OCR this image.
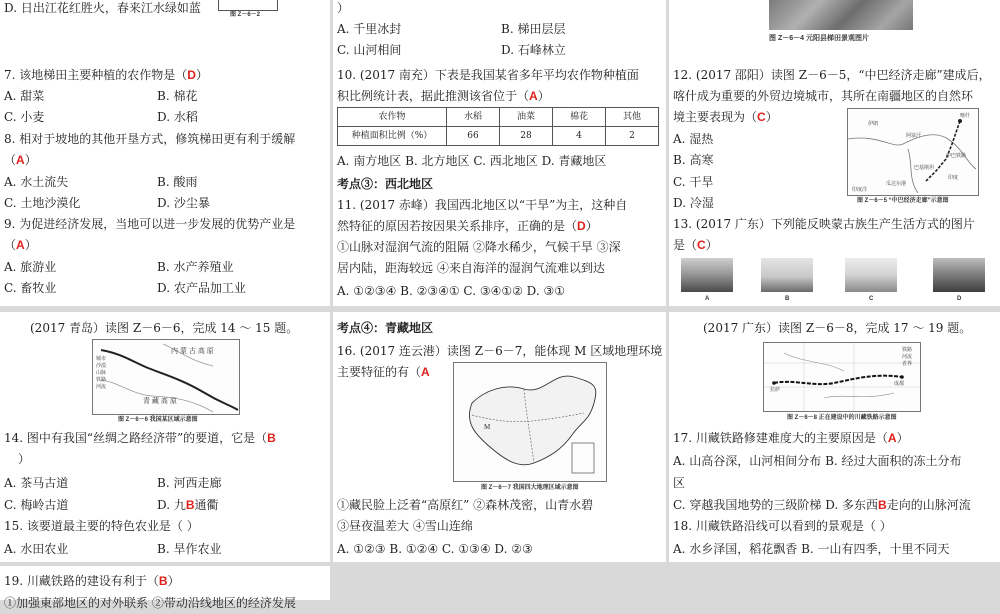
D. 日出江花红胜火，春来江水绿如蓝	图 Z－6－2
7. 该地梯田主要种植的农作物是（D）
A. 甜菜	B. 棉花
C. 小麦	D. 水稻
8. 相对于坡地的其他开垦方式，修筑梯田更有利于缓解
（A）
A. 水土流失	B. 酸雨
C. 土地沙漠化	D. 沙尘暴
9. 为促进经济发展，当地可以进一步发展的优势产业是
（A）
A. 旅游业	B. 水产养殖业
C. 畜牧业	D. 农产品加工业
）
A. 千里冰封	B. 梯田层层
C. 山河相间	D. 石峰林立
10. (2017 南充）下表是我国某省多年平均农作物种植面
积比例统计表，据此推测该省位于（A）
农作物	水稻	油菜	棉花	其他
种植面积比例（%）	66	28	4	2
A. 南方地区 B. 北方地区 C. 西北地区 D. 青藏地区
考点③：西北地区
11. (2017 赤峰）我国西北地区以“干旱”为主，这种自
然特征的原因若按因果关系排序，正确的是（D）
①山脉对湿润气流的阻隔 ②降水稀少，气候干旱 ③深
居内陆，距海较远 ④来自海洋的湿润气流难以到达
A. ①②③④ B. ②③④① C. ③④①② D. ③①
图 Z－6－4 元阳县梯田景观图片
12. (2017 邵阳）读图 Z－6－5，“中巴经济走廊”建成后，
喀什成为重要的外贸边境城市，其所在南疆地区的自然环
境主要表现为（C）
A. 湿热
B. 高寒
C. 干旱
D. 冷湿
伊朗
阿富汗
巴基斯坦
喀什
中巴铁路
瓜达尔港
印度洋
印度
图 Z－6－5 “中巴经济走廊”示意图
13. (2017 广东）下列能反映蒙古族生产生活方式的图片
是（C）
A	B	C	D
(2017 青岛）读图 Z－6－6，完成 14 ～ 15 题。
内 蒙 古 高 原
青 藏 高 原
城市
沙漠
山脉
铁路
河流
图 Z－6－6 我国某区域示意图
14. 图中有我国“丝绸之路经济带”的要道，它是（B
）
A. 茶马古道	B. 河西走廊
C. 梅岭古道	D. 九B通衢
15. 该要道最主要的特色农业是（ ）
A. 水田农业	B. 旱作农业
考点④：青藏地区
16. (2017 连云港）读图 Z－6－7，能体现 M 区域地理环境
主要特征的有（A
M
图 Z－6－7 我国四大地理区域示意图
①藏民脸上泛着“高原红” ②森林茂密，山青水碧
③昼夜温差大 ④雪山连绵
A. ①②③ B. ①②④ C. ①③④ D. ②③
(2017 广东）读图 Z－6－8，完成 17 ～ 19 题。
拉萨
成都
铁路
河流
省界
图 Z－6－8 正在建设中的川藏铁路示意图
17. 川藏铁路修建难度大的主要原因是（A）
A. 山高谷深，山河相间分布 B. 经过大面积的冻土分布
区
C. 穿越我国地势的三级阶梯 D. 多东西B走向的山脉河流
18. 川藏铁路沿线可以看到的景观是（ ）
A. 水乡泽国，稻花飘香 B. 一山有四季，十里不同天
19. 川藏铁路的建设有利于（B）
①加强東部地区的对外联系 ②带动沿线地区的经济发展
